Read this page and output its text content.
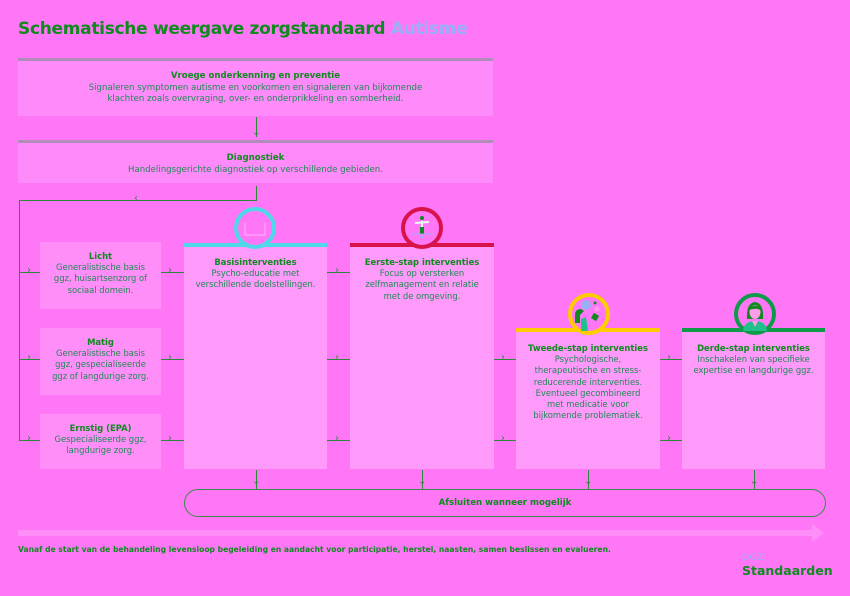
Schematische weergave zorgstandaard Autisme
Vroege onderkenning en preventie
Signaleren symptomen autisme en voorkomen en signaleren van bijkomende klachten zoals overvraging, over- en onderprikkeling en somberheid.
⌄
Diagnostiek
Handelingsgerichte diagnostiek op verschillende gebieden.
‹
Licht
Generalistische basis ggz, huisartsenzorg of sociaal domein.
Matig
Generalistische basis ggz, gespecialiseerde ggz of langdurige zorg.
Ernstig (EPA)
Gespecialiseerde ggz, langdurige zorg.
›
›
›
›
›
›
›
›
›
›
›
›
›
Basisinterventies
Psycho-educatie met verschillende doelstellingen.
Eerste-stap interventies
Focus op versterken zelfmanagement en relatie met de omgeving.
Tweede-stap interventies
Psychologische, therapeutische en stress-reducerende interventies. Eventueel gecombineerd met medicatie voor bijkomende problematiek.
Derde-stap interventies
Inschakelen van specifieke expertise en langdurige ggz.
⌄	⌄	⌄	⌄
Afsluiten wanneer mogelijk
Vanaf de start van de behandeling levensloop begeleiding en aandacht voor participatie, herstel, naasten, samen beslissen en evalueren.
GGZ
Standaarden
